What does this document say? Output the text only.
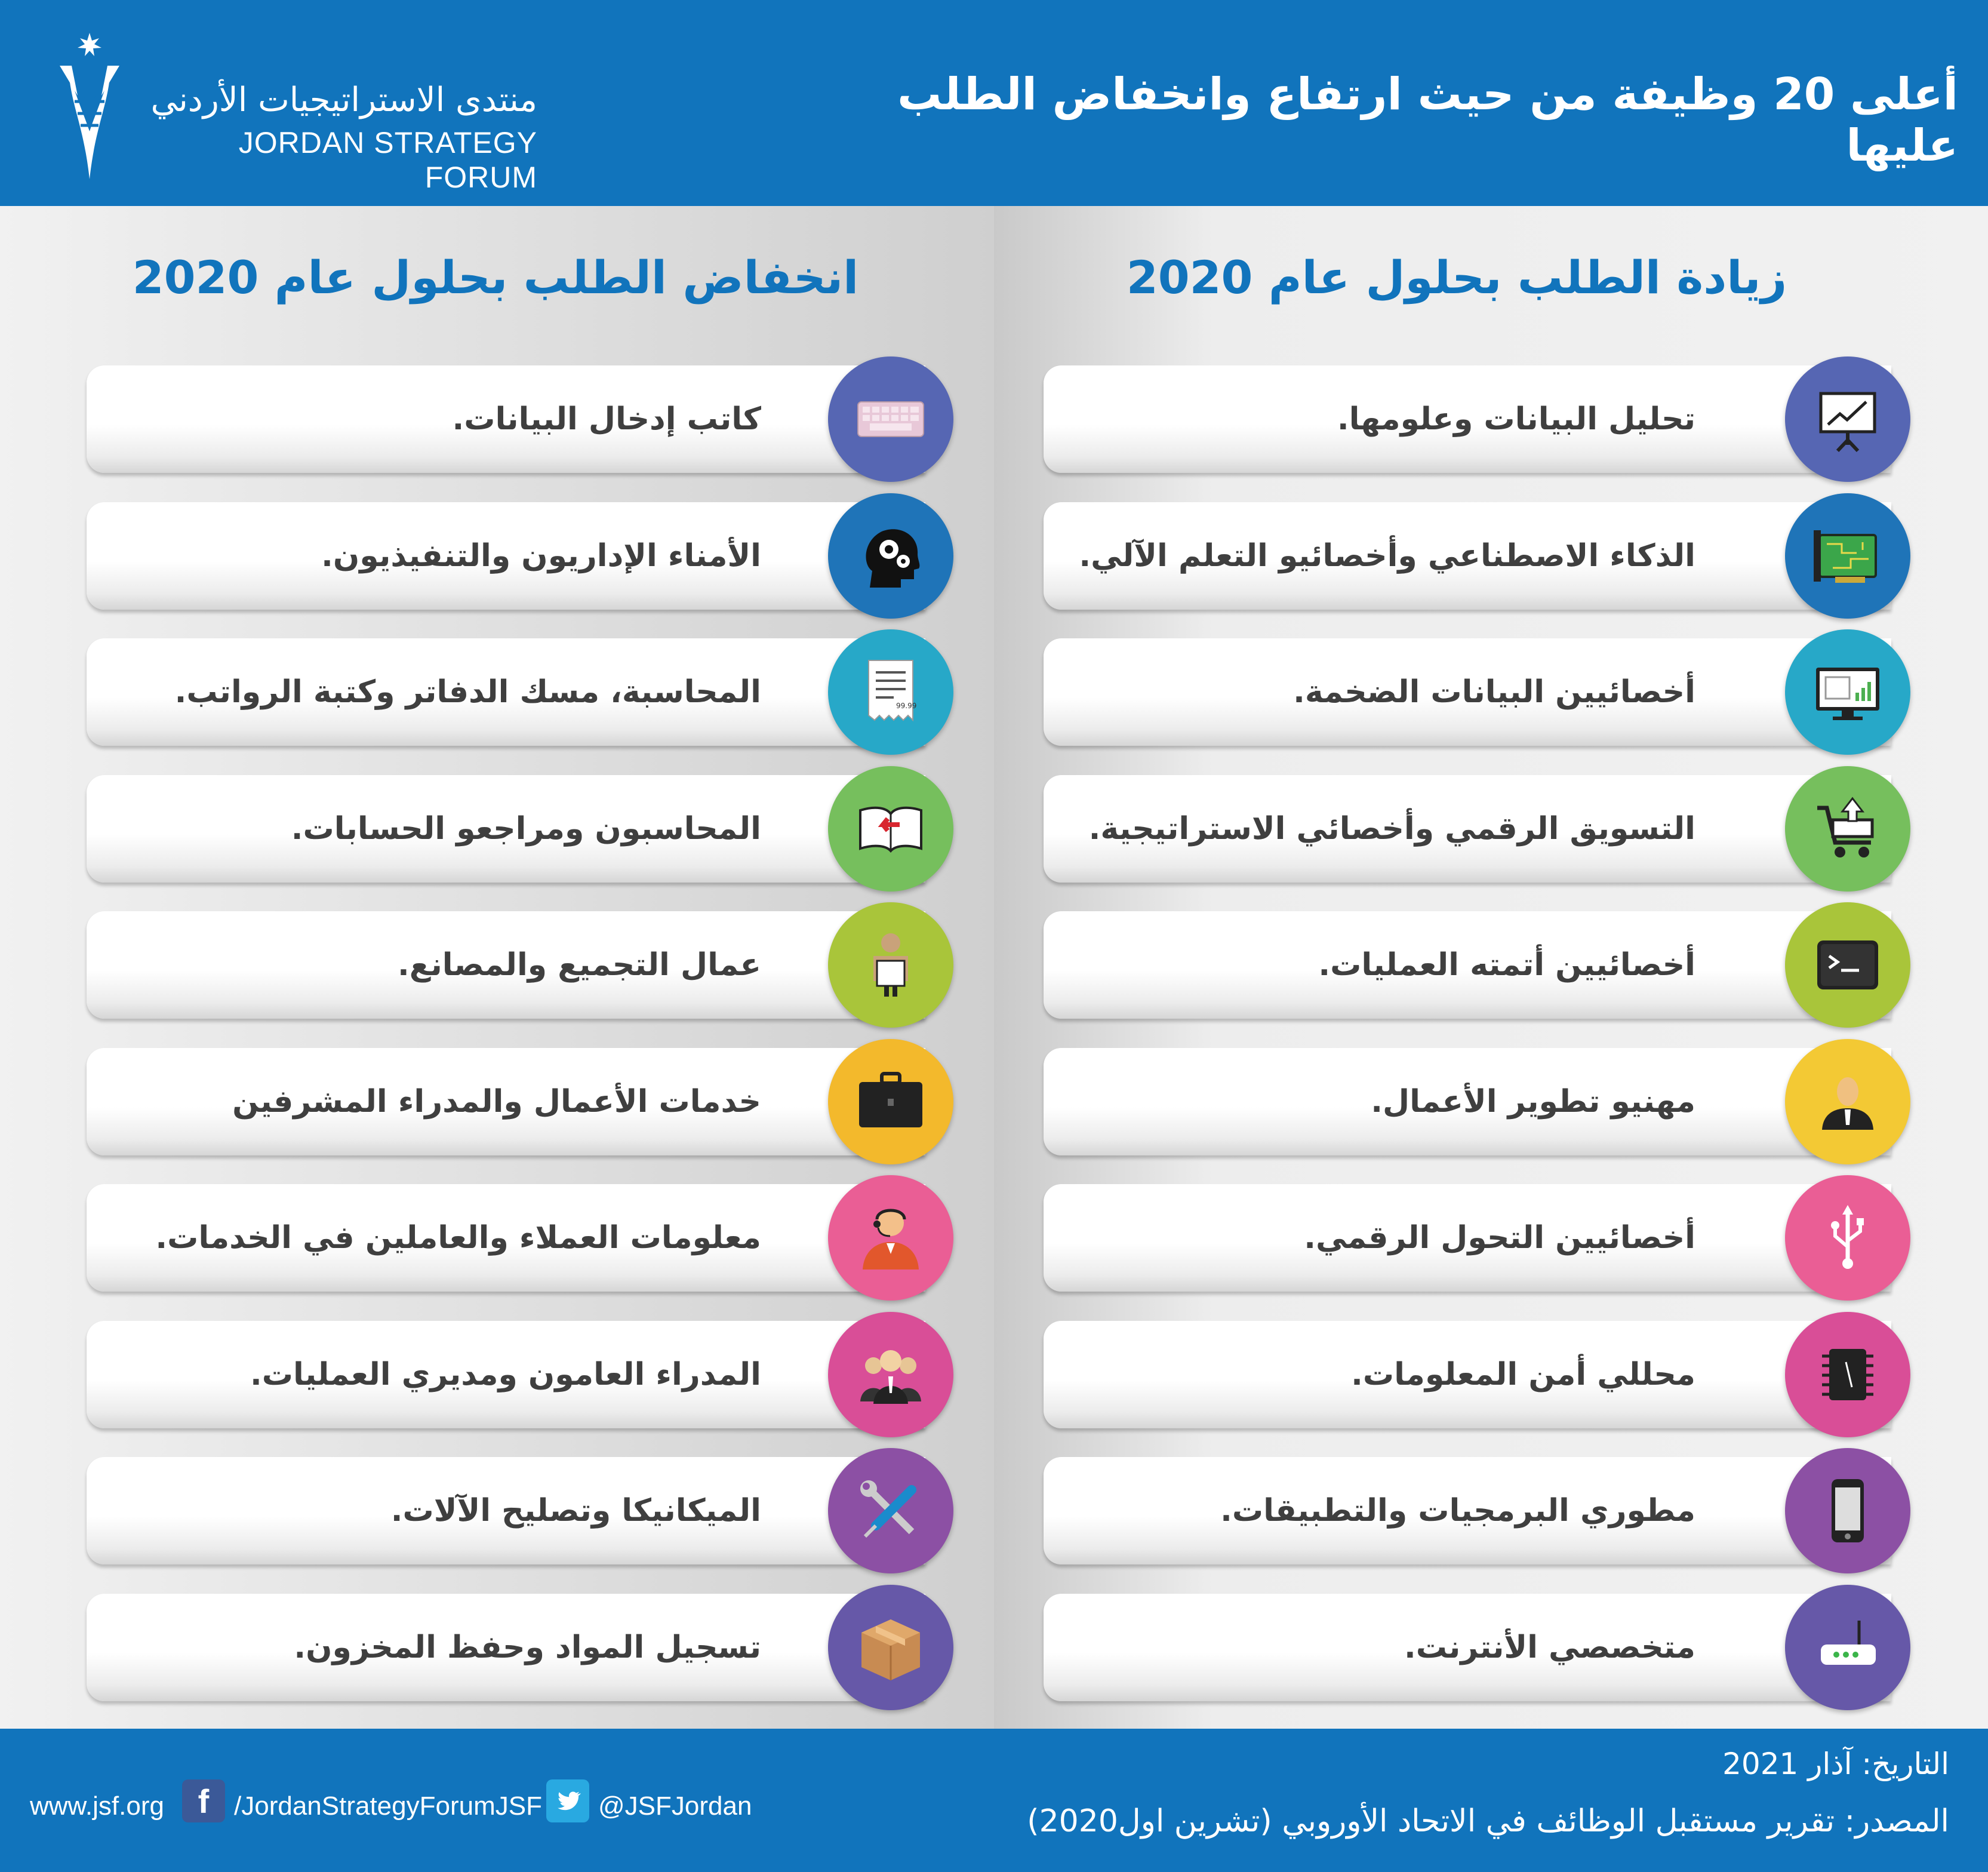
منتدى الاستراتيجيات الأردني
JORDAN STRATEGY FORUM
أعلى 20 وظيفة من حيث ارتفاع وانخفاض الطلب عليها
انخفاض الطلب بحلول عام 2020	زيادة الطلب بحلول عام 2020
كاتب إدخال البيانات.
الأمناء الإداريون والتنفيذيون.
المحاسبة، مسك الدفاتر وكتبة الرواتب.	99.99
المحاسبون ومراجعو الحسابات.
عمال التجميع والمصانع.
خدمات الأعمال والمدراء المشرفين
معلومات العملاء والعاملين في الخدمات.
المدراء العامون ومديري العمليات.
الميكانيكا وتصليح الآلات.
تسجيل المواد وحفظ المخزون.
تحليل البيانات وعلومها.
الذكاء الاصطناعي وأخصائيو التعلم الآلي.
أخصائيين البيانات الضخمة.
التسويق الرقمي وأخصائي الاستراتيجية.
أخصائيين أتمته العمليات.
مهنيو تطوير الأعمال.
أخصائيين التحول الرقمي.
محللي أمن المعلومات.
مطوري البرمجيات والتطبيقات.
متخصصي الأنترنت.
التاريخ: آذار 2021
المصدر: تقرير مستقبل الوظائف في الاتحاد الأوروبي (تشرين اول2020)
www.jsf.org	f /JordanStrategyForumJSF @JSFJordan
